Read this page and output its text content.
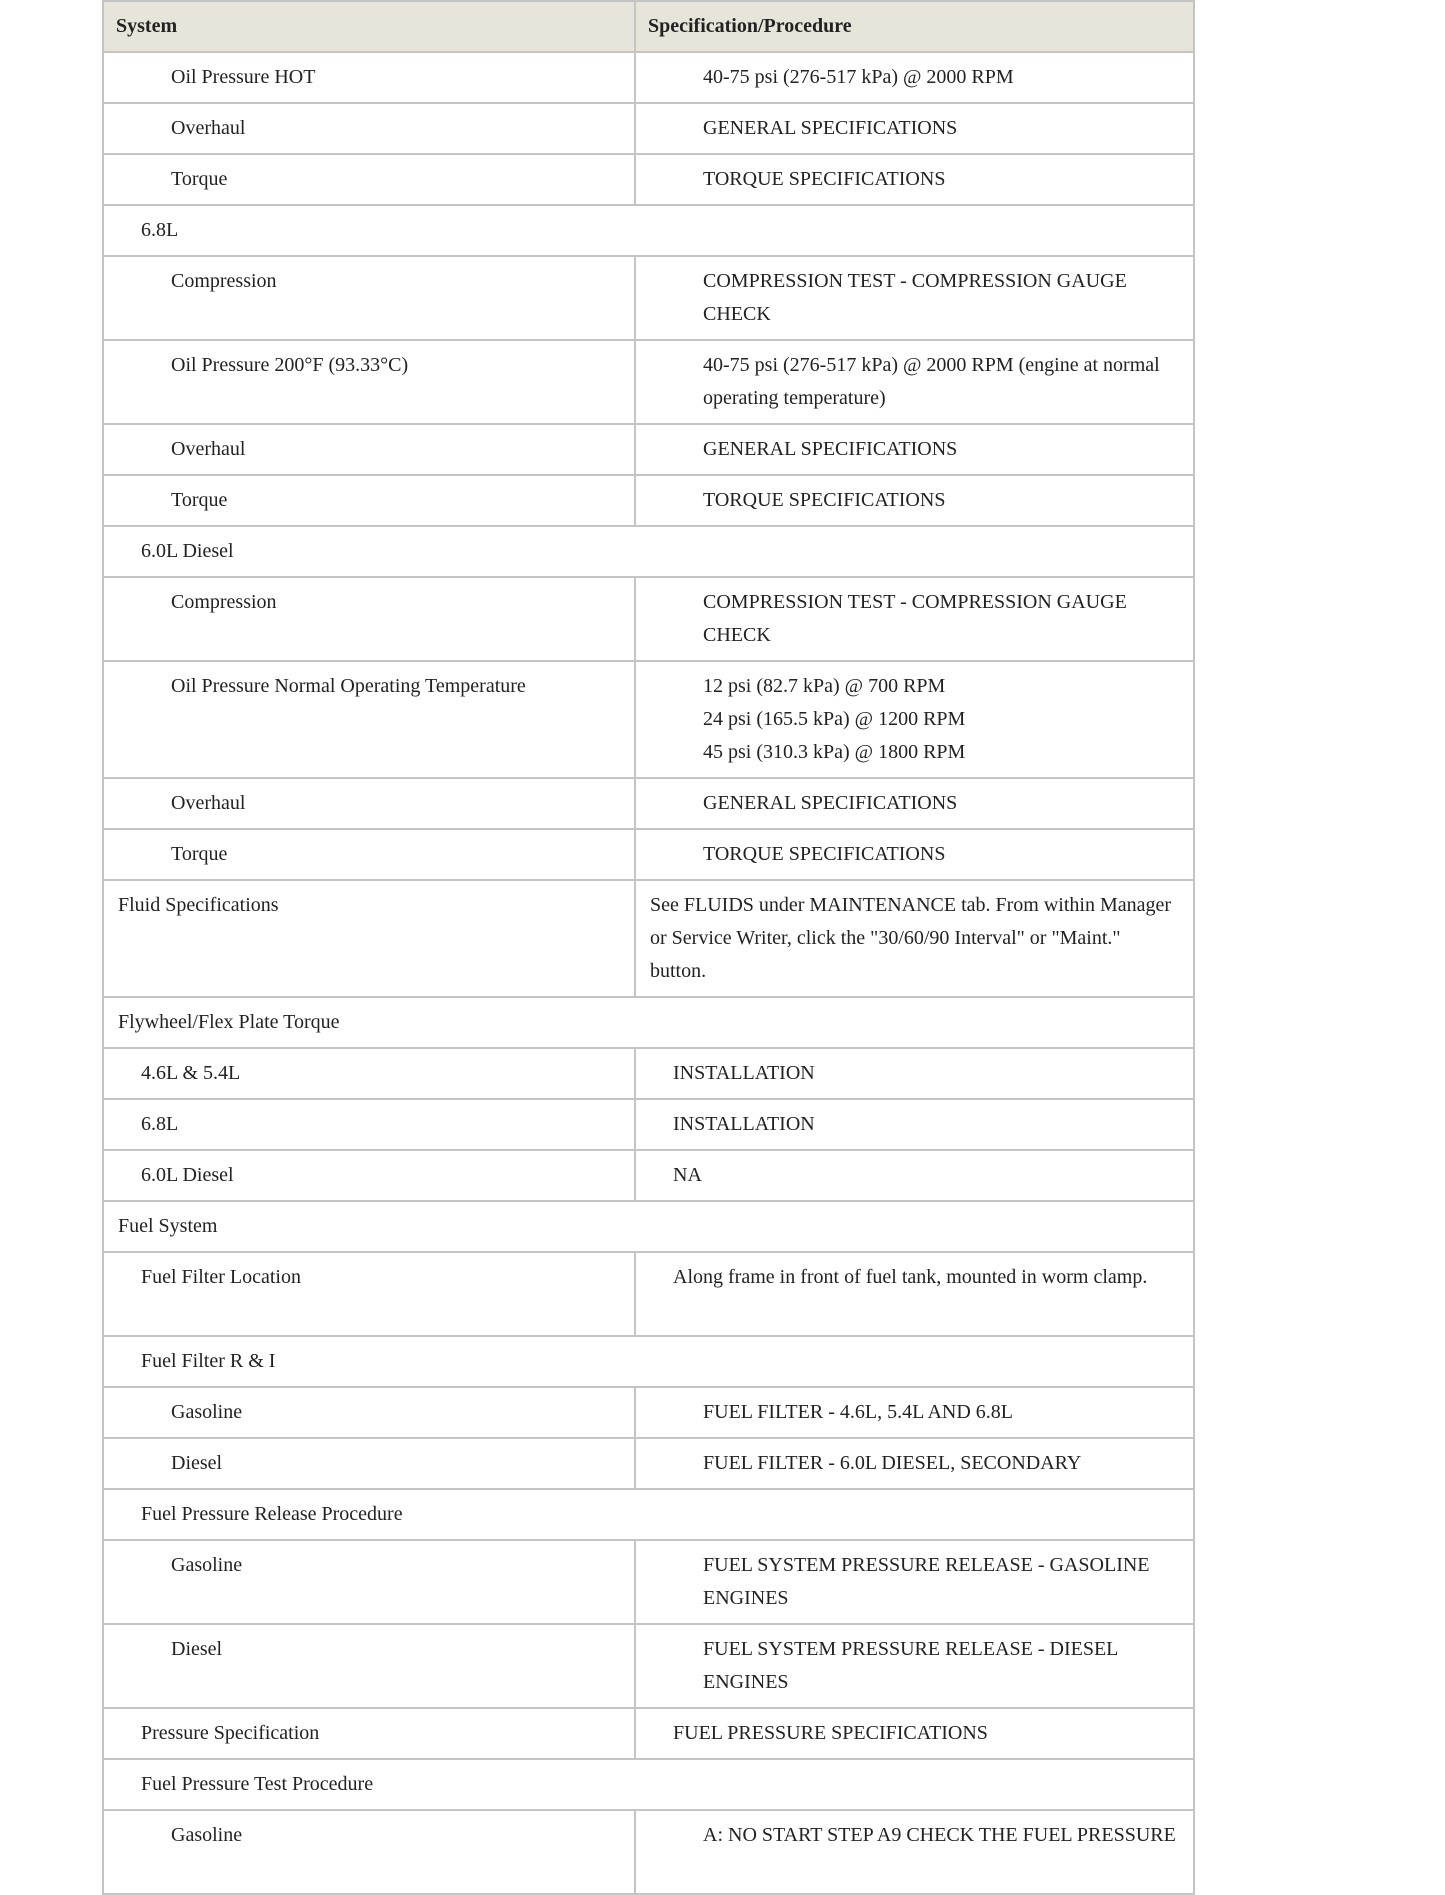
System	Specification/Procedure
Oil Pressure HOT	40-75 psi (276-517 kPa) @ 2000 RPM
Overhaul	GENERAL SPECIFICATIONS
Torque	TORQUE SPECIFICATIONS
6.8L	
Compression	COMPRESSION TEST - COMPRESSION GAUGE CHECK
Oil Pressure 200°F (93.33°C)	40-75 psi (276-517 kPa) @ 2000 RPM (engine at normal operating temperature)
Overhaul	GENERAL SPECIFICATIONS
Torque	TORQUE SPECIFICATIONS
6.0L Diesel	
Compression	COMPRESSION TEST - COMPRESSION GAUGE CHECK
Oil Pressure Normal Operating Temperature	12 psi (82.7 kPa) @ 700 RPM
24 psi (165.5 kPa) @ 1200 RPM
45 psi (310.3 kPa) @ 1800 RPM

Overhaul	GENERAL SPECIFICATIONS
Torque	TORQUE SPECIFICATIONS
Fluid Specifications	See FLUIDS under MAINTENANCE tab. From within Manager or Service Writer, click the "30/60/90 Interval" or "Maint." button.
Flywheel/Flex Plate Torque	
4.6L & 5.4L	INSTALLATION
6.8L	INSTALLATION
6.0L Diesel	NA
Fuel System	
Fuel Filter Location	Along frame in front of fuel tank, mounted in worm clamp.
Fuel Filter R & I	
Gasoline	FUEL FILTER - 4.6L, 5.4L AND 6.8L
Diesel	FUEL FILTER - 6.0L DIESEL, SECONDARY
Fuel Pressure Release Procedure	
Gasoline	FUEL SYSTEM PRESSURE RELEASE - GASOLINE ENGINES
Diesel	FUEL SYSTEM PRESSURE RELEASE - DIESEL ENGINES
Pressure Specification	FUEL PRESSURE SPECIFICATIONS
Fuel Pressure Test Procedure	
Gasoline	A: NO START STEP A9 CHECK THE FUEL PRESSURE
